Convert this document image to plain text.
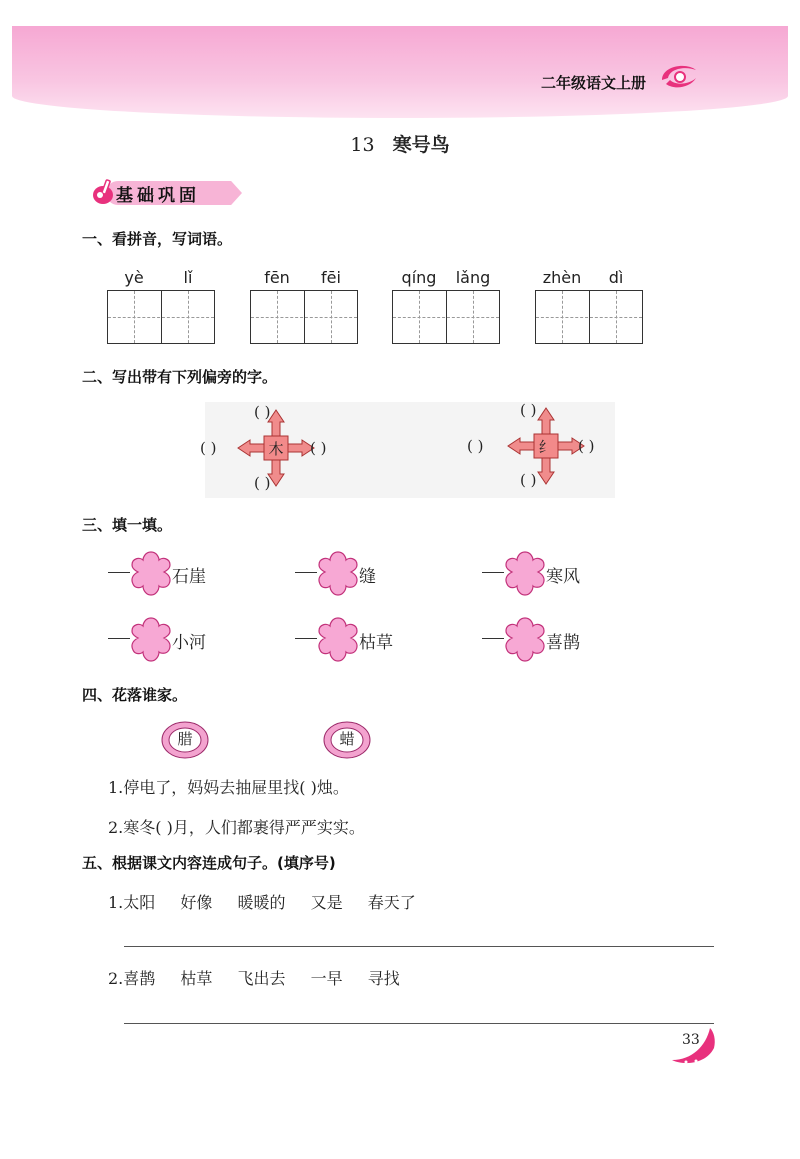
二年级语文上册
13 寒号鸟
基础巩固
一、看拼音，写词语。
yè	lǐ	fēn	fēi	qíng	lǎng	zhèn	dì
二、写出带有下列偏旁的字。
木
( )
( )
( )	( )	纟
( )
( )
( )	( )
三、填一填。
石崖	缝	寒风
小河	枯草	喜鹊
四、花落谁家。
腊	蜡
1.停电了，妈妈去抽屉里找( )烛。
2.寒冬( )月，人们都裹得严严实实。
五、根据课文内容连成句子。(填序号)
1.太阳 好像 暖暖的 又是 春天了
2.喜鹊 枯草 飞出去 一早 寻找
33
